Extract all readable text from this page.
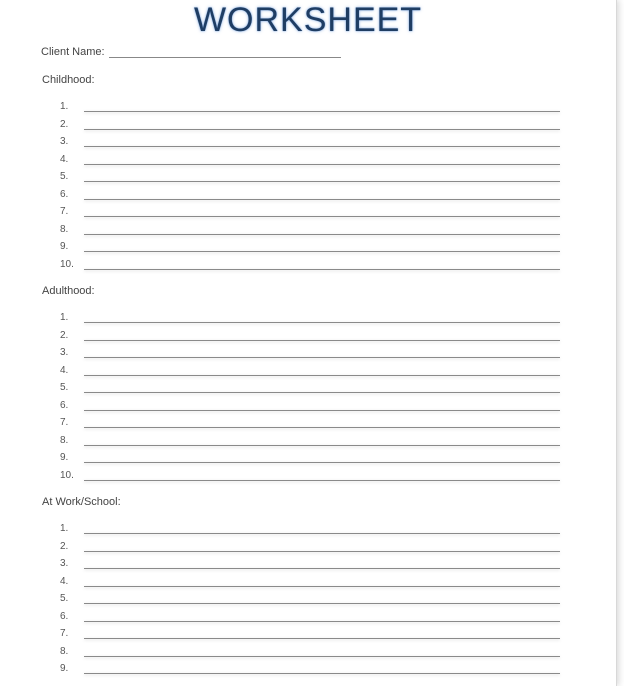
WORKSHEET
Client Name:
Childhood:
1.
2.
3.
4.
5.
6.
7.
8.
9.
10.
Adulthood:
1.
2.
3.
4.
5.
6.
7.
8.
9.
10.
At Work/School:
1.
2.
3.
4.
5.
6.
7.
8.
9.
